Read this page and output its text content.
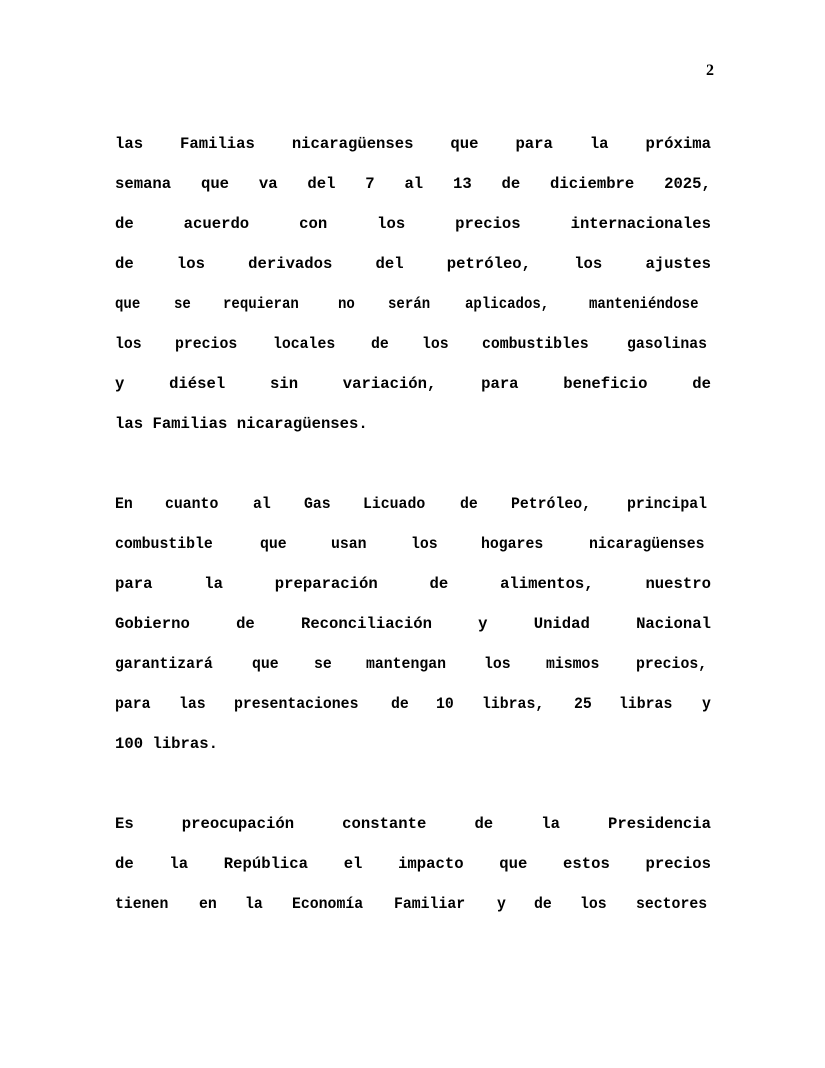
2
las Familias nicaragüenses que para la próxima
semana que va del 7 al 13 de diciembre 2025,
de	acuerdo	con	los	precios	internacionales
de	los	derivados	del	petróleo,	los	ajustes
que se requieran	no serán aplicados,	manteniéndose
los precios locales de los combustibles gasolinas
y	diésel	sin	variación,	para	beneficio	de
las Familias nicaragüenses.
En cuanto al Gas Licuado de Petróleo, principal
combustible	que	usan	los	hogares	nicaragüenses
para	la	preparación	de	alimentos,	nuestro
Gobierno	de	Reconciliación	y	Unidad	Nacional
garantizará que se mantengan los mismos precios,
para las presentaciones de 10 libras, 25 libras y
100 libras.
Es	preocupación	constante	de	la	Presidencia
de la República el impacto que estos precios
tienen en la Economía Familiar y de los sectores
